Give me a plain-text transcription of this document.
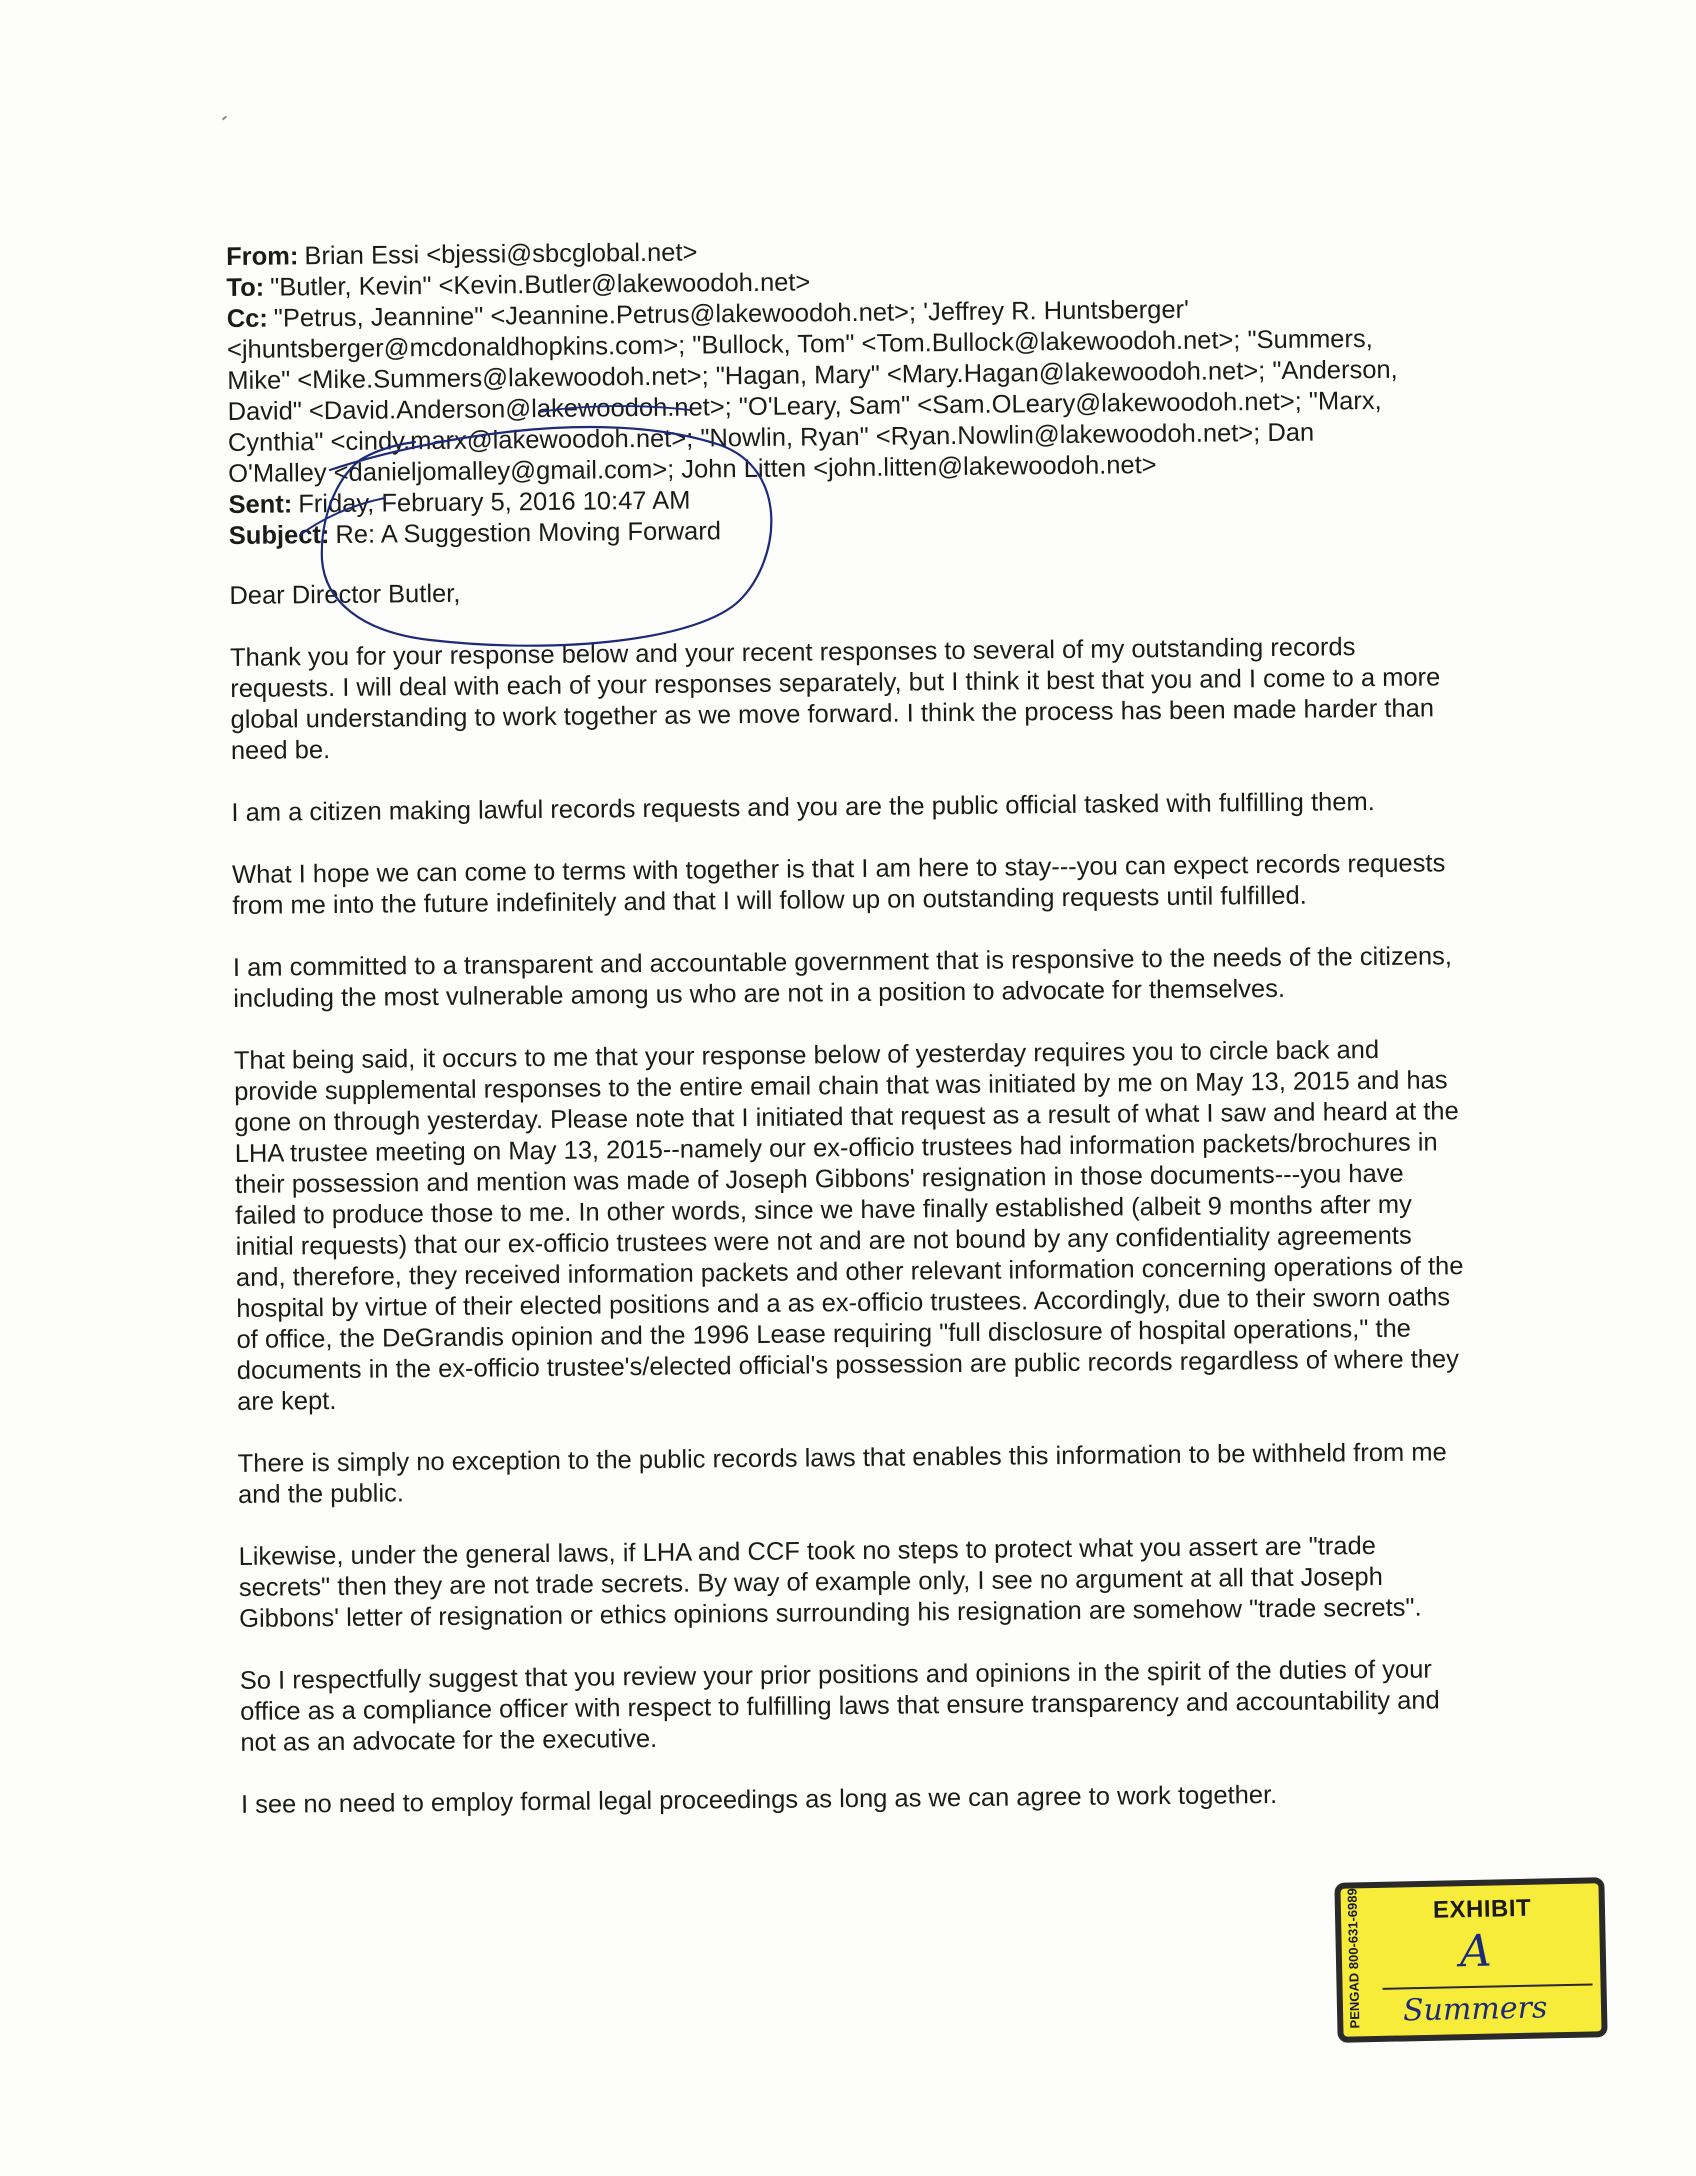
From: Brian Essi <bjessi@sbcglobal.net>

To: "Butler, Kevin" <Kevin.Butler@lakewoodoh.net>

Cc: "Petrus, Jeannine" <Jeannine.Petrus@lakewoodoh.net>; 'Jeffrey R. Huntsberger'

<jhuntsberger@mcdonaldhopkins.com>; "Bullock, Tom" <Tom.Bullock@lakewoodoh.net>; "Summers,

Mike" <Mike.Summers@lakewoodoh.net>; "Hagan, Mary" <Mary.Hagan@lakewoodoh.net>; "Anderson,

David" <David.Anderson@lakewoodoh.net>; "O'Leary, Sam" <Sam.OLeary@lakewoodoh.net>; "Marx,

Cynthia" <cindy.marx@lakewoodoh.net>; "Nowlin, Ryan" <Ryan.Nowlin@lakewoodoh.net>; Dan

O'Malley <danieljomalley@gmail.com>; John Litten <john.litten@lakewoodoh.net>

Sent: Friday, February 5, 2016 10:47 AM

Subject: Re: A Suggestion Moving Forward

Dear Director Butler,

Thank you for your response below and your recent responses to several of my outstanding records requests. I will deal with each of your responses separately, but I think it best that you and I come to a more global understanding to work together as we move forward. I think the process has been made harder than need be.

I am a citizen making lawful records requests and you are the public official tasked with fulfilling them.

What I hope we can come to terms with together is that I am here to stay---you can expect records requests from me into the future indefinitely and that I will follow up on outstanding requests until fulfilled.

I am committed to a transparent and accountable government that is responsive to the needs of the citizens, including the most vulnerable among us who are not in a position to advocate for themselves.

That being said, it occurs to me that your response below of yesterday requires you to circle back and provide supplemental responses to the entire email chain that was initiated by me on May 13, 2015 and has gone on through yesterday. Please note that I initiated that request as a result of what I saw and heard at the LHA trustee meeting on May 13, 2015--namely our ex-officio trustees had information packets/brochures in their possession and mention was made of Joseph Gibbons' resignation in those documents---you have failed to produce those to me. In other words, since we have finally established (albeit 9 months after my initial requests) that our ex-officio trustees were not and are not bound by any confidentiality agreements and, therefore, they received information packets and other relevant information concerning operations of the hospital by virtue of their elected positions and a as ex-officio trustees. Accordingly, due to their sworn oaths of office, the DeGrandis opinion and the 1996 Lease requiring "full disclosure of hospital operations," the documents in the ex-officio trustee's/elected official's possession are public records regardless of where they are kept.

There is simply no exception to the public records laws that enables this information to be withheld from me and the public.

Likewise, under the general laws, if LHA and CCF took no steps to protect what you assert are "trade secrets" then they are not trade secrets. By way of example only, I see no argument at all that Joseph Gibbons' letter of resignation or ethics opinions surrounding his resignation are somehow "trade secrets".

So I respectfully suggest that you review your prior positions and opinions in the spirit of the duties of your office as a compliance officer with respect to fulfilling laws that ensure transparency and accountability and not as an advocate for the executive.

I see no need to employ formal legal proceedings as long as we can agree to work together.

PENGAD 800-631-6989	EXHIBIT
A
Summers
